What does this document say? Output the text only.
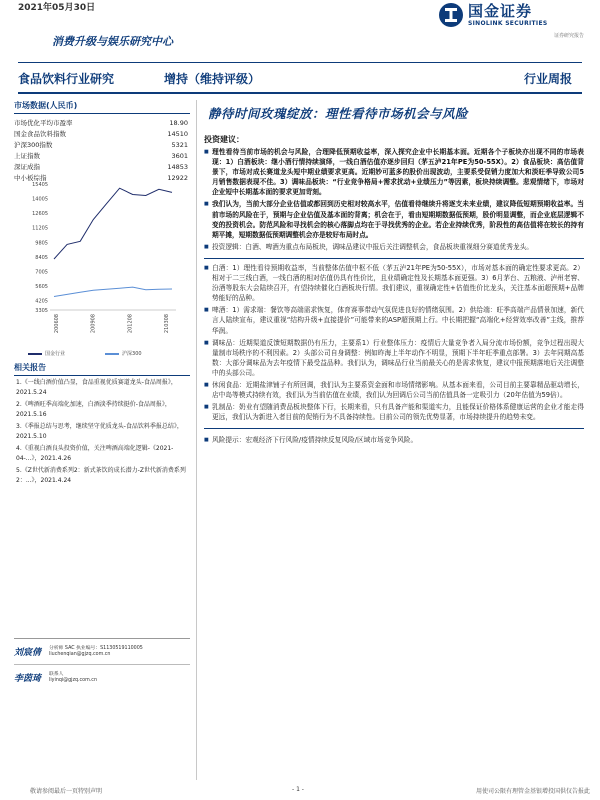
2021年05月30日	国金证券
SINOLINK SECURITIES
证券研究报告
消费升级与娱乐研究中心
食品饮料行业研究	增持（维持评级）	行业周报
市场数据(人民币)
市场优化平均市盈率	18.90
国金食品饮料指数	14510
沪深300指数	5321
上证指数	3601
深证成指	14853
中小板综指	12922
15405
14005
12605
11205
9805
8405
7005
5605
4205
3305
200608	200908	201208	210308
国金行业	沪深300
相关报告
1.《一线白酒价值凸显，食品重视优质赛道龙头-食品周报》，2021.5.24
2.《啤酒旺季高端化加速，白酒淡季持续挺价-食品周报》，2021.5.16
3.《季报总结与思考，继续坚守优质龙头-食品饮料季报总结》，2021.5.10
4.《重视白酒良头投资价值，关注啤酒高端化逻辑-《2021-04-...》，2021.4.26
5.《Z世代新消费系列2：新式茶饮的成长潜力-Z世代新消费系列2：...》，2021.4.24
刘宸倩 分析师 SAC 执业编号：S1130519110005
liuchenqian@gjzq.com.cn
李茵琦 联系人
liyinqi@gjzq.com.cn
静待时间玫瑰绽放：理性看待市场机会与风险
投资建议：
■ 理性看待当前市场的机会与风险，合理降低预期收益率，深入探究企业中长期基本面。近期各个子板块亦出现不同的市场表现：1）白酒板块：继小酒行情持续演绎，一线白酒估值亦逐步回归（茅五泸21年PE为50-55X）。2）食品板块：高估值背景下，市场对成长赛道龙头短中期业绩要求更高。近期妙可蓝多的股价出现波动，主要系受促销力度加大和淡旺季导致公司5月销售数据表现不佳。3）调味品板块：“行业竞争格局+需求扰动+业绩压力”等因素，板块持续调整。悲观情绪下，市场对企业短中长期基本面的要求更加苛刻。
■ 我们认为，当前大部分企业估值或都回到历史相对较高水平，估值看待继续升将逐支未来业绩，建议降低短期预期收益率。当前市场的风险在于，预期与企业估值及基本面的背离；机会在于，看由短期期数据低预期，股价明显调整，而企业底层逻辑不变的投资机会。防范风险和寻找机会的核心落脚点均在于寻找优秀的企业。若企业持续优秀，阶段性的高估值将在较长的持有期平摊，短期数据低预期调整机会亦是较好布局时点。
■ 投资逻辑：白酒、啤酒为重点布局板块，调味品建议中报后关注调整机会，食品板块重视细分赛道优秀龙头。
■ 白酒：1）理性看待预期收益率，当前整体估值中枢不低（茅五泸21年PE为50-55X），市场对基本面的确定性要求更高。2）相对于二三线白酒，一线白酒的相对估值仍具有性价比，且业绩确定性及长期基本面更强。3）6月茅台、五粮液、泸州老窖、汾酒等股东大会陆续召开，有望持续催化白酒板块行情。我们建议，重视确定性+估值性价比龙头，关注基本面超预期+品牌势能好的品种。
■ 啤酒：1）需求端：餐饮等高端需求恢复，体育赛事带动气氛促进良好的情绪氛围。2）供给端：旺季高端产品情景加速，新代言人陆续宣布，建议重视“结构升级+直接提价”可能带来的ASP超预期上行。中长期把握“高端化+经营效率改善”主线，推荐华润。
■ 调味品：近期渠道反馈短期数据仍有压力，主要系1）行业整体压力：疫情后大量竞争者入局分流市场份额，竞争过程出现大量制市场秩序的不利因素。2）头部公司自身调整：例如昨海上半年动作不明显，预期下半年旺季重点部署。3）去年同期高基数：大部分调味品为去年疫情下最受益品种。我们认为，调味品行业当前最关心的是需求恢复，建议中报预期落地后关注调整中的头部公司。
■ 休闲食品：近期盐津铺子有所回调，我们认为主要系资金面和市场情绪影响。从基本面来看，公司目前主要靠精品驱动增长，店中岛等模式持续有效，我们认为当前估值在业绩，我们认为回调后公司当前估值具备一定吸引力（20年估值为59倍）。
■ 乳制品：奶业有望随消费品板块整体下行，长期来看，只有具备产能和渠道实力，且能保证价格体系健康运营的企业才能走得更远，我们认为新进入者目前的促销行为不具备持续性。目前公司的领先优势显著，市场持续提升的趋势未变。
■ 风险提示：宏观经济下行风险/疫情持续反复风险/区域市场竞争风险。
敬请参阅最后一页特别声明	- 1 -	用使司公限有理管金基银增投国供仅告报此
